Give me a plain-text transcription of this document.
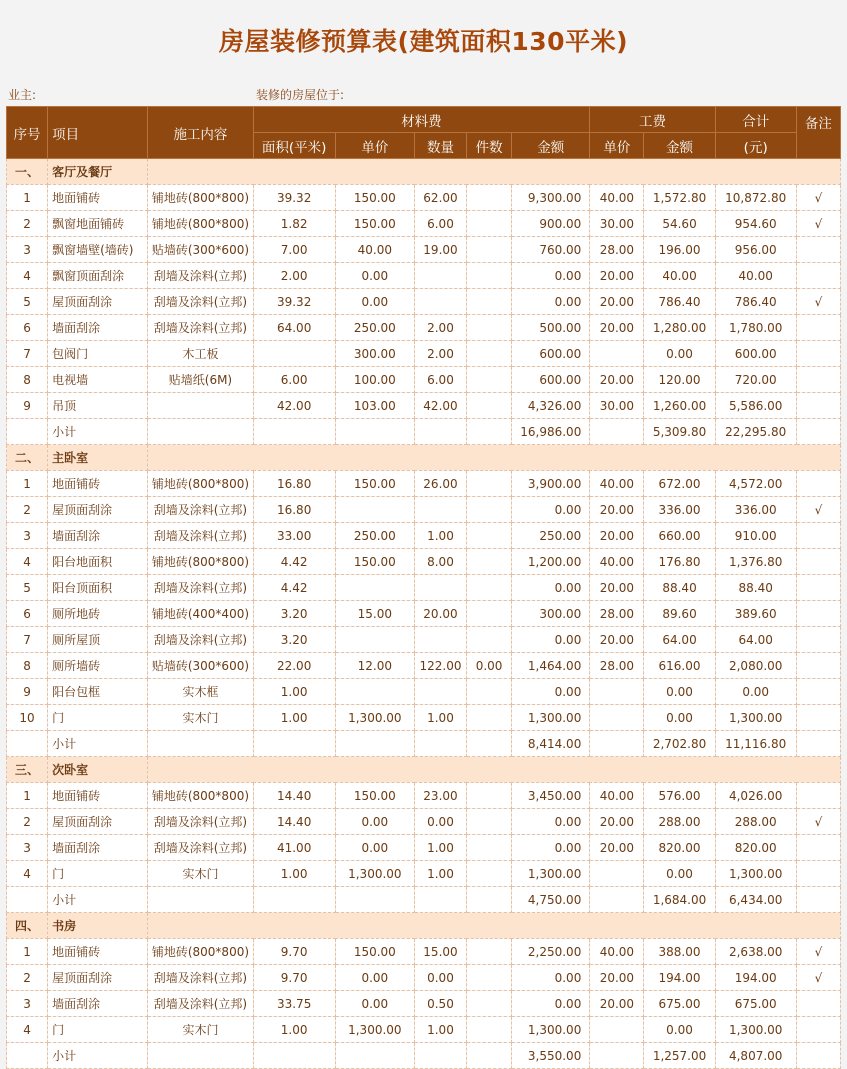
房屋装修预算表(建筑面积130平米)
业主:	装修的房屋位于:
序号	项目	施工内容	材料费					工费		合计	备注
			面积(平米)	单价	数量	件数	金额	单价	金额	(元)	
一、	客厅及餐厅										
1	地面铺砖	铺地砖(800*800)	39.32	150.00	62.00		9,300.00	40.00	1,572.80	10,872.80	√
2	飘窗地面铺砖	铺地砖(800*800)	1.82	150.00	6.00		900.00	30.00	54.60	954.60	√
3	飘窗墙壁(墙砖)	贴墙砖(300*600)	7.00	40.00	19.00		760.00	28.00	196.00	956.00	
4	飘窗顶面刮涂	刮墙及涂料(立邦)	2.00	0.00			0.00	20.00	40.00	40.00	
5	屋顶面刮涂	刮墙及涂料(立邦)	39.32	0.00			0.00	20.00	786.40	786.40	√
6	墙面刮涂	刮墙及涂料(立邦)	64.00	250.00	2.00		500.00	20.00	1,280.00	1,780.00	
7	包阀门	木工板		300.00	2.00		600.00		0.00	600.00	
8	电视墙	贴墙纸(6M)	6.00	100.00	6.00		600.00	20.00	120.00	720.00	
9	吊顶		42.00	103.00	42.00		4,326.00	30.00	1,260.00	5,586.00	
	小计						16,986.00		5,309.80	22,295.80	
二、	主卧室										
1	地面铺砖	铺地砖(800*800)	16.80	150.00	26.00		3,900.00	40.00	672.00	4,572.00	
2	屋顶面刮涂	刮墙及涂料(立邦)	16.80				0.00	20.00	336.00	336.00	√
3	墙面刮涂	刮墙及涂料(立邦)	33.00	250.00	1.00		250.00	20.00	660.00	910.00	
4	阳台地面积	铺地砖(800*800)	4.42	150.00	8.00		1,200.00	40.00	176.80	1,376.80	
5	阳台顶面积	刮墙及涂料(立邦)	4.42				0.00	20.00	88.40	88.40	
6	厕所地砖	铺地砖(400*400)	3.20	15.00	20.00		300.00	28.00	89.60	389.60	
7	厕所屋顶	刮墙及涂料(立邦)	3.20				0.00	20.00	64.00	64.00	
8	厕所墙砖	贴墙砖(300*600)	22.00	12.00	122.00	0.00	1,464.00	28.00	616.00	2,080.00	
9	阳台包框	实木框	1.00				0.00		0.00	0.00	
10	门	实木门	1.00	1,300.00	1.00		1,300.00		0.00	1,300.00	
	小计						8,414.00		2,702.80	11,116.80	
三、	次卧室										
1	地面铺砖	铺地砖(800*800)	14.40	150.00	23.00		3,450.00	40.00	576.00	4,026.00	
2	屋顶面刮涂	刮墙及涂料(立邦)	14.40	0.00	0.00		0.00	20.00	288.00	288.00	√
3	墙面刮涂	刮墙及涂料(立邦)	41.00	0.00	1.00		0.00	20.00	820.00	820.00	
4	门	实木门	1.00	1,300.00	1.00		1,300.00		0.00	1,300.00	
	小计						4,750.00		1,684.00	6,434.00	
四、	书房										
1	地面铺砖	铺地砖(800*800)	9.70	150.00	15.00		2,250.00	40.00	388.00	2,638.00	√
2	屋顶面刮涂	刮墙及涂料(立邦)	9.70	0.00	0.00		0.00	20.00	194.00	194.00	√
3	墙面刮涂	刮墙及涂料(立邦)	33.75	0.00	0.50		0.00	20.00	675.00	675.00	
4	门	实木门	1.00	1,300.00	1.00		1,300.00		0.00	1,300.00	
	小计						3,550.00		1,257.00	4,807.00	
